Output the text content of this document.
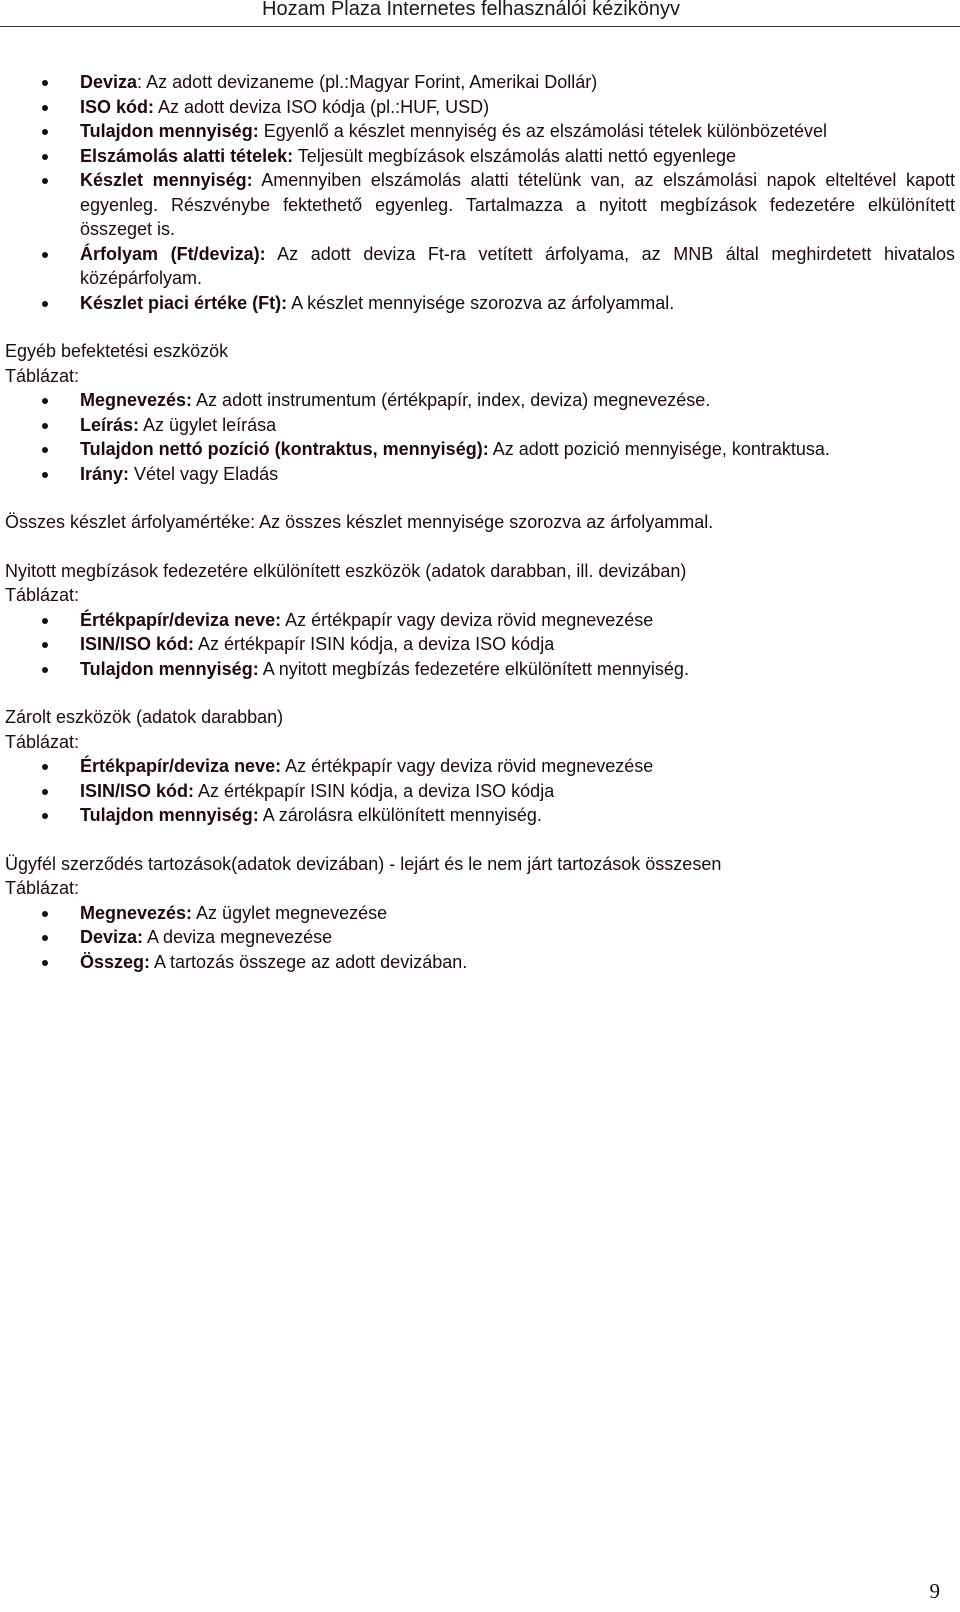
Hozam Plaza Internetes felhasználói kézikönyv
Deviza: Az adott devizaneme (pl.:Magyar Forint, Amerikai Dollár)
ISO kód: Az adott deviza ISO kódja (pl.:HUF, USD)
Tulajdon mennyiség: Egyenlő a készlet mennyiség és az elszámolási tételek különbözetével
Elszámolás alatti tételek: Teljesült megbízások elszámolás alatti nettó egyenlege
Készlet mennyiség: Amennyiben elszámolás alatti tételünk van, az elszámolási napok elteltével kapott egyenleg. Részvénybe fektethető egyenleg. Tartalmazza a nyitott megbízások fedezetére elkülönített összeget is.
Árfolyam (Ft/deviza): Az adott deviza Ft-ra vetített árfolyama, az MNB által meghirdetett hivatalos középárfolyam.
Készlet piaci értéke (Ft): A készlet mennyisége szorozva az árfolyammal.

Egyéb befektetési eszközök

Táblázat:

Megnevezés: Az adott instrumentum (értékpapír, index, deviza) megnevezése.
Leírás: Az ügylet leírása
Tulajdon nettó pozíció (kontraktus, mennyiség): Az adott pozició mennyisége, kontraktusa.
Irány: Vétel vagy Eladás

Összes készlet árfolyamértéke: Az összes készlet mennyisége szorozva az árfolyammal.

Nyitott megbízások fedezetére elkülönített eszközök (adatok darabban, ill. devizában)

Táblázat:

Értékpapír/deviza neve: Az értékpapír vagy deviza rövid megnevezése
ISIN/ISO kód: Az értékpapír ISIN kódja, a deviza ISO kódja
Tulajdon mennyiség: A nyitott megbízás fedezetére elkülönített mennyiség.

Zárolt eszközök (adatok darabban)

Táblázat:

Értékpapír/deviza neve: Az értékpapír vagy deviza rövid megnevezése
ISIN/ISO kód: Az értékpapír ISIN kódja, a deviza ISO kódja
Tulajdon mennyiség: A zárolásra elkülönített mennyiség.

Ügyfél szerződés tartozások(adatok devizában) - lejárt és le nem járt tartozások összesen

Táblázat:

Megnevezés: Az ügylet megnevezése
Deviza: A deviza megnevezése
Összeg: A tartozás összege az adott devizában.
9
